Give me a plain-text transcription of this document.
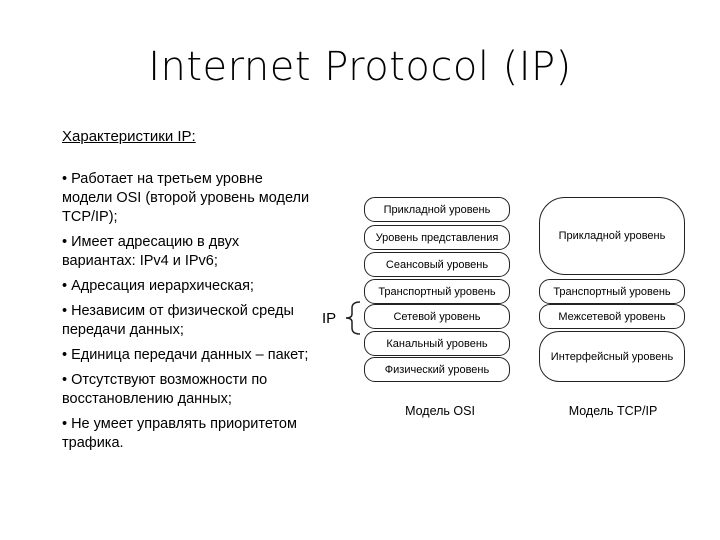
Internet Protocol (IP)
Характеристики IP:
• Работает на третьем уровне модели OSI (второй уровень модели TCP/IP);
• Имеет адресацию в двух вариантах: IPv4 и IPv6;
• Адресация иерархическая;
• Независим от физической среды передачи данных;
• Единица передачи данных – пакет;
• Отсутствуют возможности по восстановлению данных;
• Не умеет управлять приоритетом трафика.
Прикладной уровень
Уровень представления
Сеансовый уровень
Транспортный уровень
Сетевой уровень
Канальный уровень
Физический уровень
Прикладной уровень
Транспортный уровень
Межсетевой уровень
Интерфейсный уровень
Модель OSI	Модель TCP/IP
IP
